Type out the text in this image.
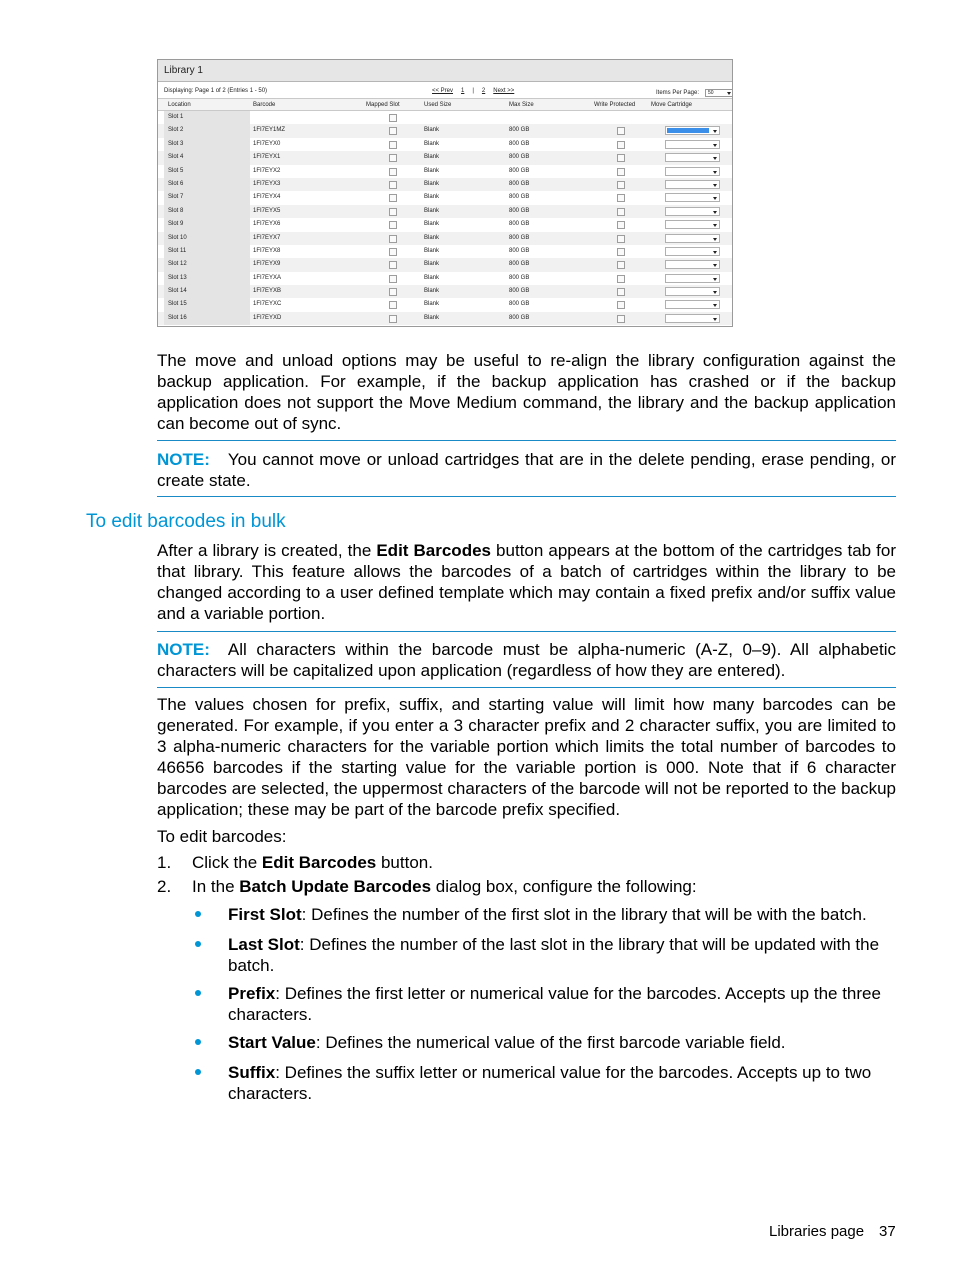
Library 1
Displaying: Page 1 of 2 (Entries 1 - 50)	<< Prev 1 | 2 Next >>	Items Per Page:	50
Location	Barcode	Mapped Slot	Used Size	Max Size	Write Protected	Move Cartridge
Slot 1
Slot 2	1FI7EY1MZ	Blank	800 GB
Slot 3	1FI7EYX0	Blank	800 GB
Slot 4	1FI7EYX1	Blank	800 GB
Slot 5	1FI7EYX2	Blank	800 GB
Slot 6	1FI7EYX3	Blank	800 GB
Slot 7	1FI7EYX4	Blank	800 GB
Slot 8	1FI7EYX5	Blank	800 GB
Slot 9	1FI7EYX6	Blank	800 GB
Slot 10	1FI7EYX7	Blank	800 GB
Slot 11	1FI7EYX8	Blank	800 GB
Slot 12	1FI7EYX9	Blank	800 GB
Slot 13	1FI7EYXA	Blank	800 GB
Slot 14	1FI7EYXB	Blank	800 GB
Slot 15	1FI7EYXC	Blank	800 GB
Slot 16	1FI7EYXD	Blank	800 GB

The move and unload options may be useful to re-align the library configuration against the backup application. For example, if the backup application has crashed or if the backup application does not support the Move Medium command, the library and the backup application can become out of sync.

NOTE: You cannot move or unload cartridges that are in the delete pending, erase pending, or create state.

To edit barcodes in bulk

After a library is created, the Edit Barcodes button appears at the bottom of the cartridges tab for that library. This feature allows the barcodes of a batch of cartridges within the library to be changed according to a user defined template which may contain a fixed prefix and/or suffix value and a variable portion.

NOTE: All characters within the barcode must be alpha-numeric (A-Z, 0–9). All alphabetic characters will be capitalized upon application (regardless of how they are entered).

The values chosen for prefix, suffix, and starting value will limit how many barcodes can be generated. For example, if you enter a 3 character prefix and 2 character suffix, you are limited to 3 alpha-numeric characters for the variable portion which limits the total number of barcodes to 46656 barcodes if the starting value for the variable portion is 000. Note that if 6 character barcodes are selected, the uppermost characters of the barcode will not be reported to the backup application; these may be part of the barcode prefix specified.

To edit barcodes:
1. Click the Edit Barcodes button.
2. In the Batch Update Barcodes dialog box, configure the following:
First Slot: Defines the number of the first slot in the library that will be with the batch.
Last Slot: Defines the number of the last slot in the library that will be updated with the batch.
Prefix: Defines the first letter or numerical value for the barcodes. Accepts up the three characters.
Start Value: Defines the numerical value of the first barcode variable field.
Suffix: Defines the suffix letter or numerical value for the barcodes. Accepts up to two characters.
Libraries page 37
